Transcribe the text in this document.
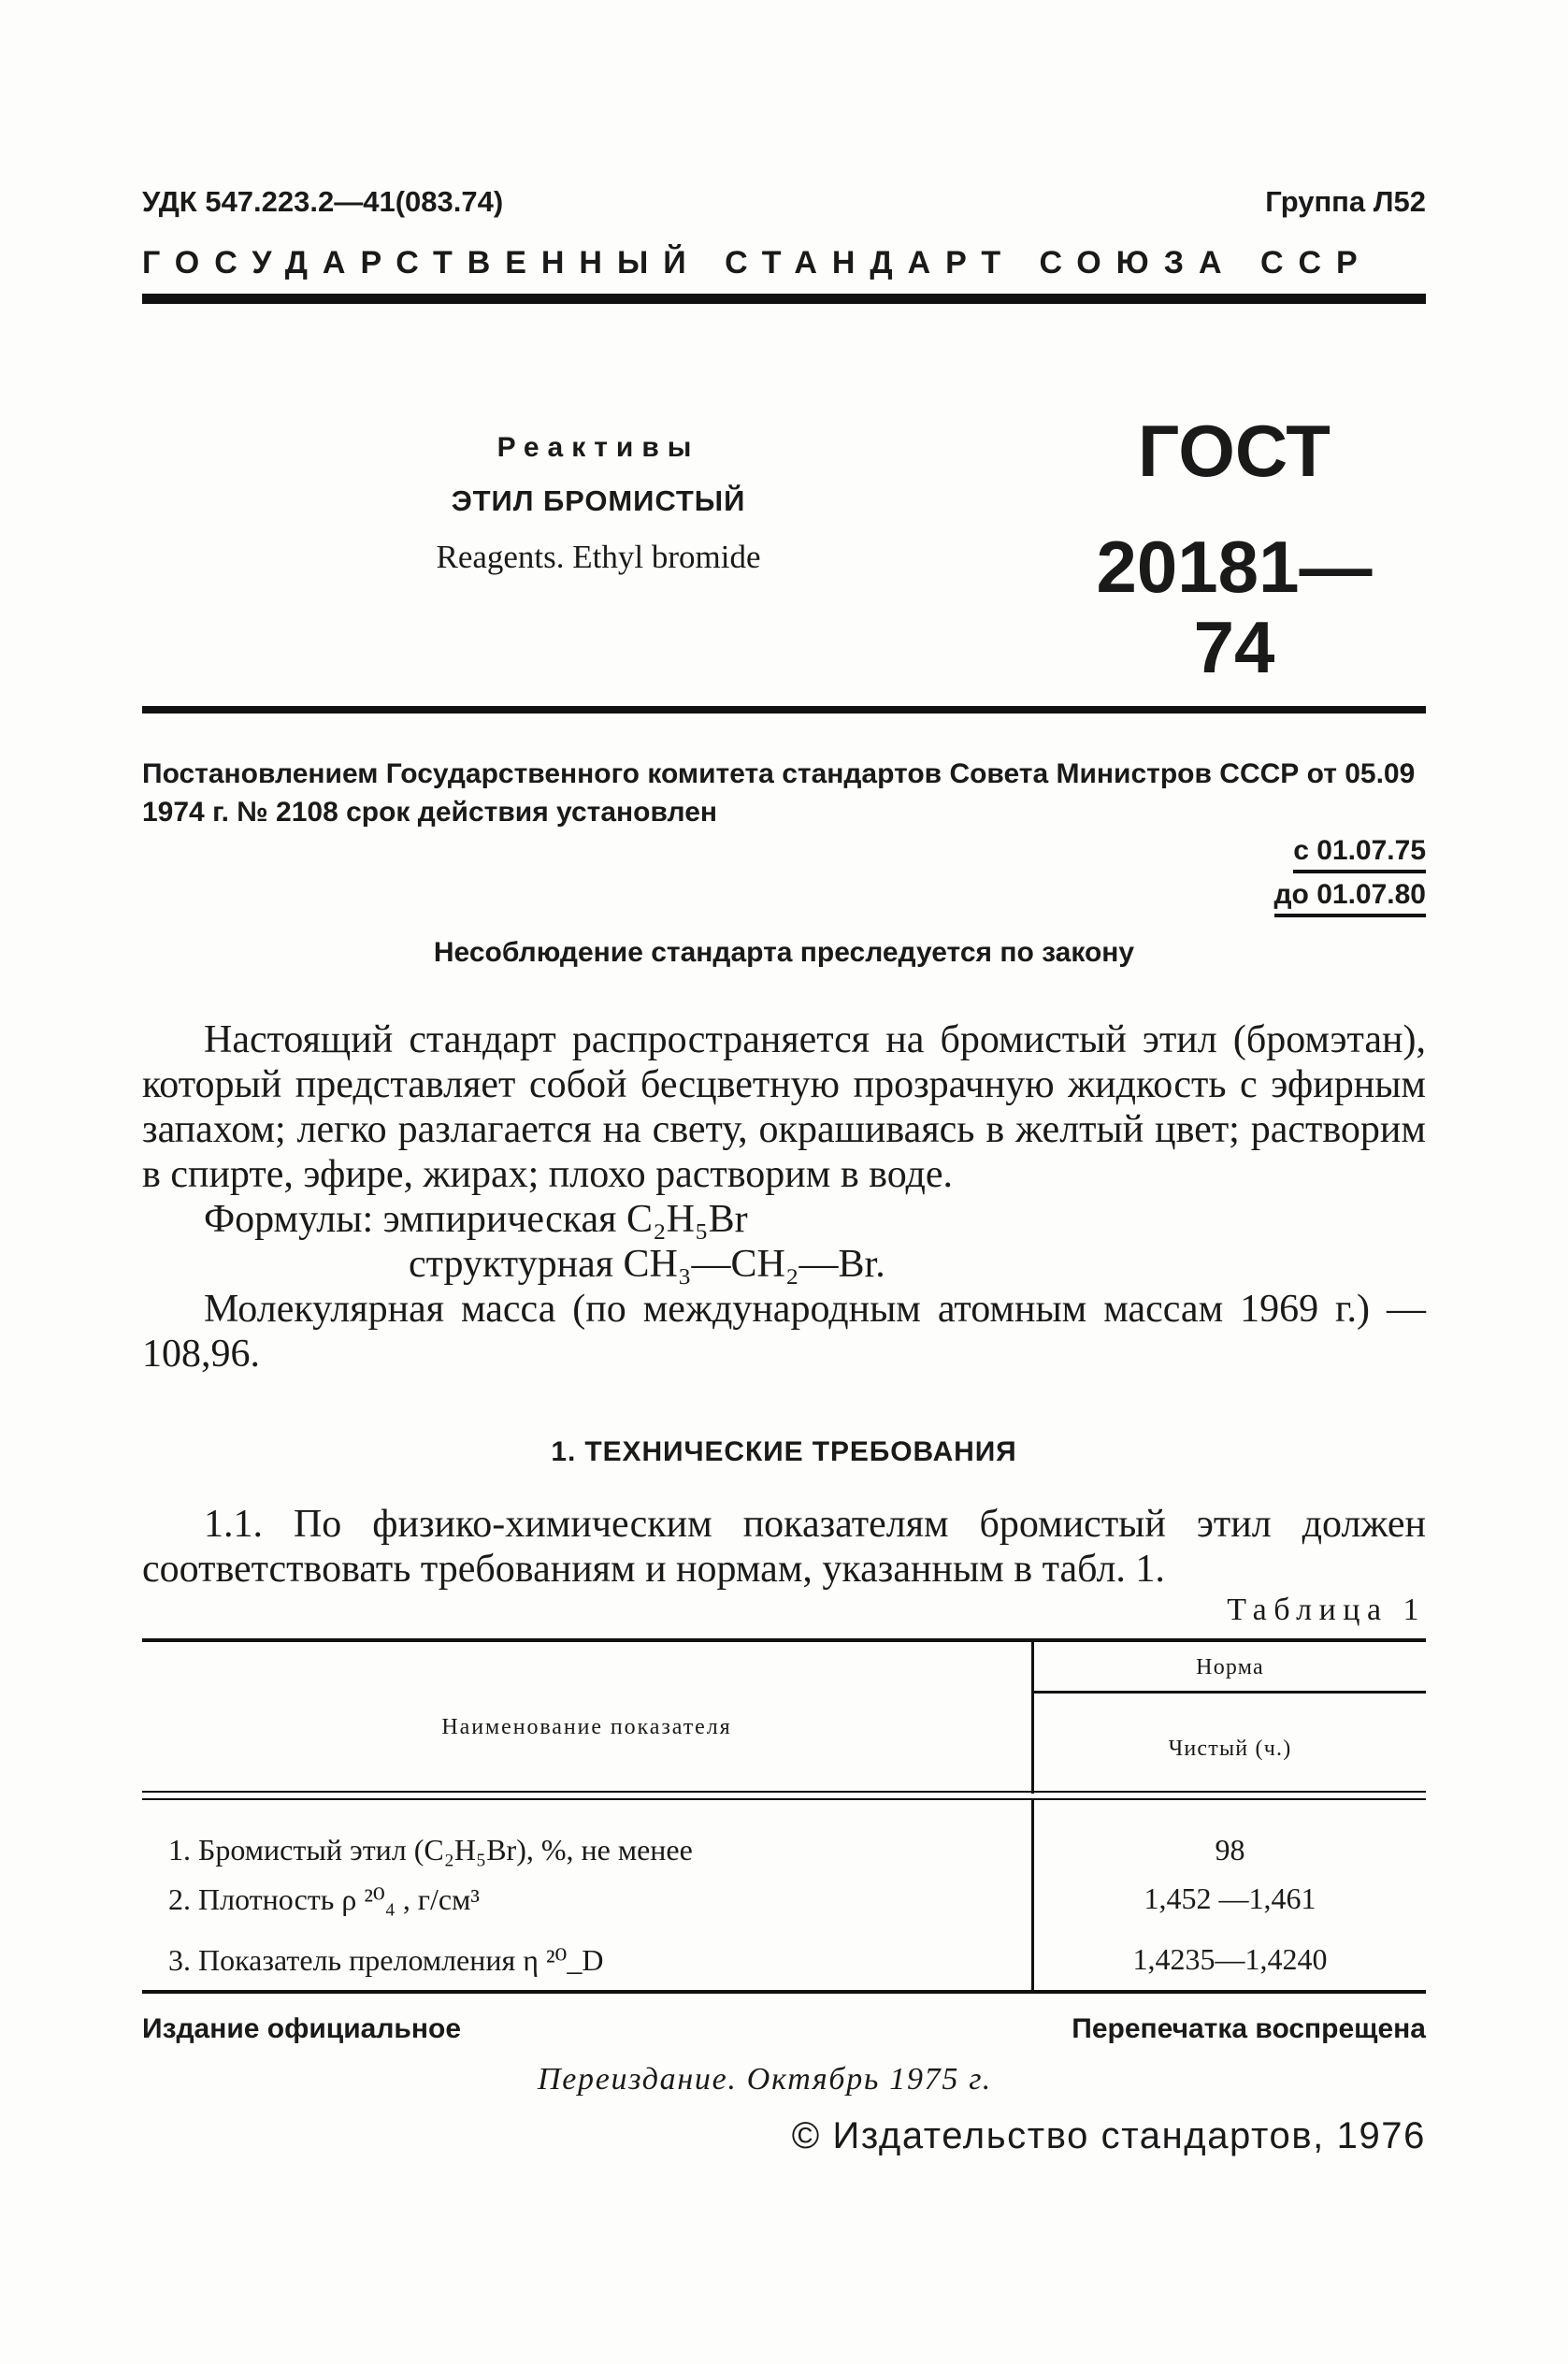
УДК 547.223.2—41(083.74)	Группа Л52
ГОСУДАРСТВЕННЫЙ СТАНДАРТ СОЮЗА ССР
Реактивы
ЭТИЛ БРОМИСТЫЙ
Reagents. Ethyl bromide
ГОСТ
20181—74
Постановлением Государственного комитета стандартов Совета Министров СССР от 05.09 1974 г. № 2108 срок действия установлен
с 01.07.75
до 01.07.80
Несоблюдение стандарта преследуется по закону

Настоящий стандарт распространяется на бромистый этил (бромэтан), который представляет собой бесцветную прозрачную жидкость с эфирным запахом; легко разлагается на свету, окрашиваясь в желтый цвет; растворим в спирте, эфире, жирах; плохо растворим в воде.

Формулы: эмпирическая C₂H₅Br

структурная CH₃—CH₂—Br.

Молекулярная масса (по международным атомным массам 1969 г.) — 108,96.

1. ТЕХНИЧЕСКИЕ ТРЕБОВАНИЯ

1.1. По физико-химическим показателям бромистый этил должен соответствовать требованиям и нормам, указанным в табл. 1.

Таблица 1
Наименование показателя
Норма
Чистый (ч.)
1. Бромистый этил (C₂H₅Br), %, не менее	98
2. Плотность ρ ²⁰₄ , г/см³	1,452 —1,461
3. Показатель преломления η ²⁰_D	1,4235—1,4240
Издание официальное	Перепечатка воспрещена
Переиздание. Октябрь 1975 г.
© Издательство стандартов, 1976
